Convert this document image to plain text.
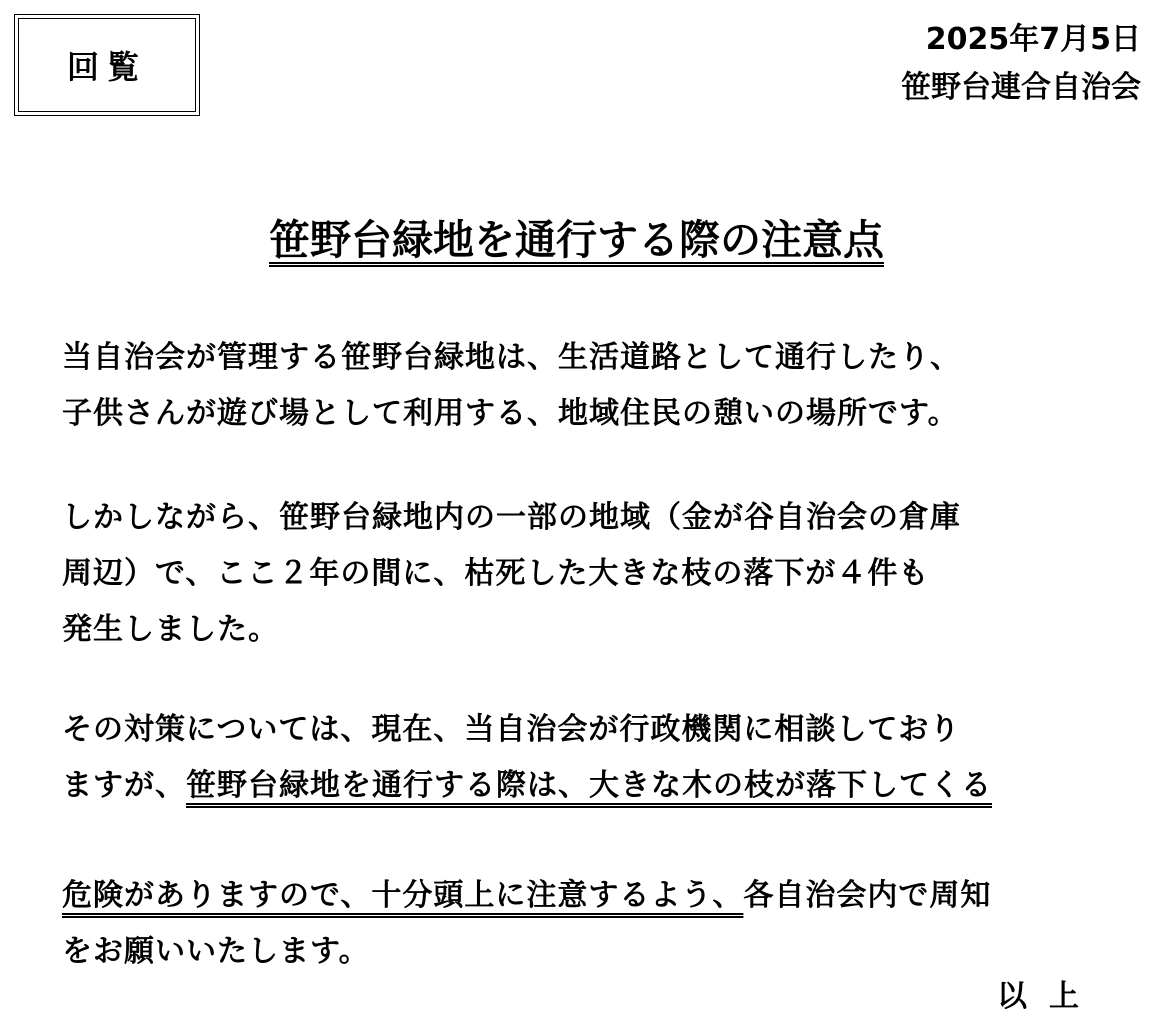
回覧
2025年7月5日
笹野台連合自治会
笹野台緑地を通行する際の注意点
当自治会が管理する笹野台緑地は、生活道路として通行したり、
子供さんが遊び場として利用する、地域住民の憩いの場所です。
しかしながら、笹野台緑地内の一部の地域（金が谷自治会の倉庫
周辺）で、ここ２年の間に、枯死した大きな枝の落下が４件も
発生しました。
その対策については、現在、当自治会が行政機関に相談しており
ますが、笹野台緑地を通行する際は、大きな木の枝が落下してくる
危険がありますので、十分頭上に注意するよう、各自治会内で周知
をお願いいたします。
以上
